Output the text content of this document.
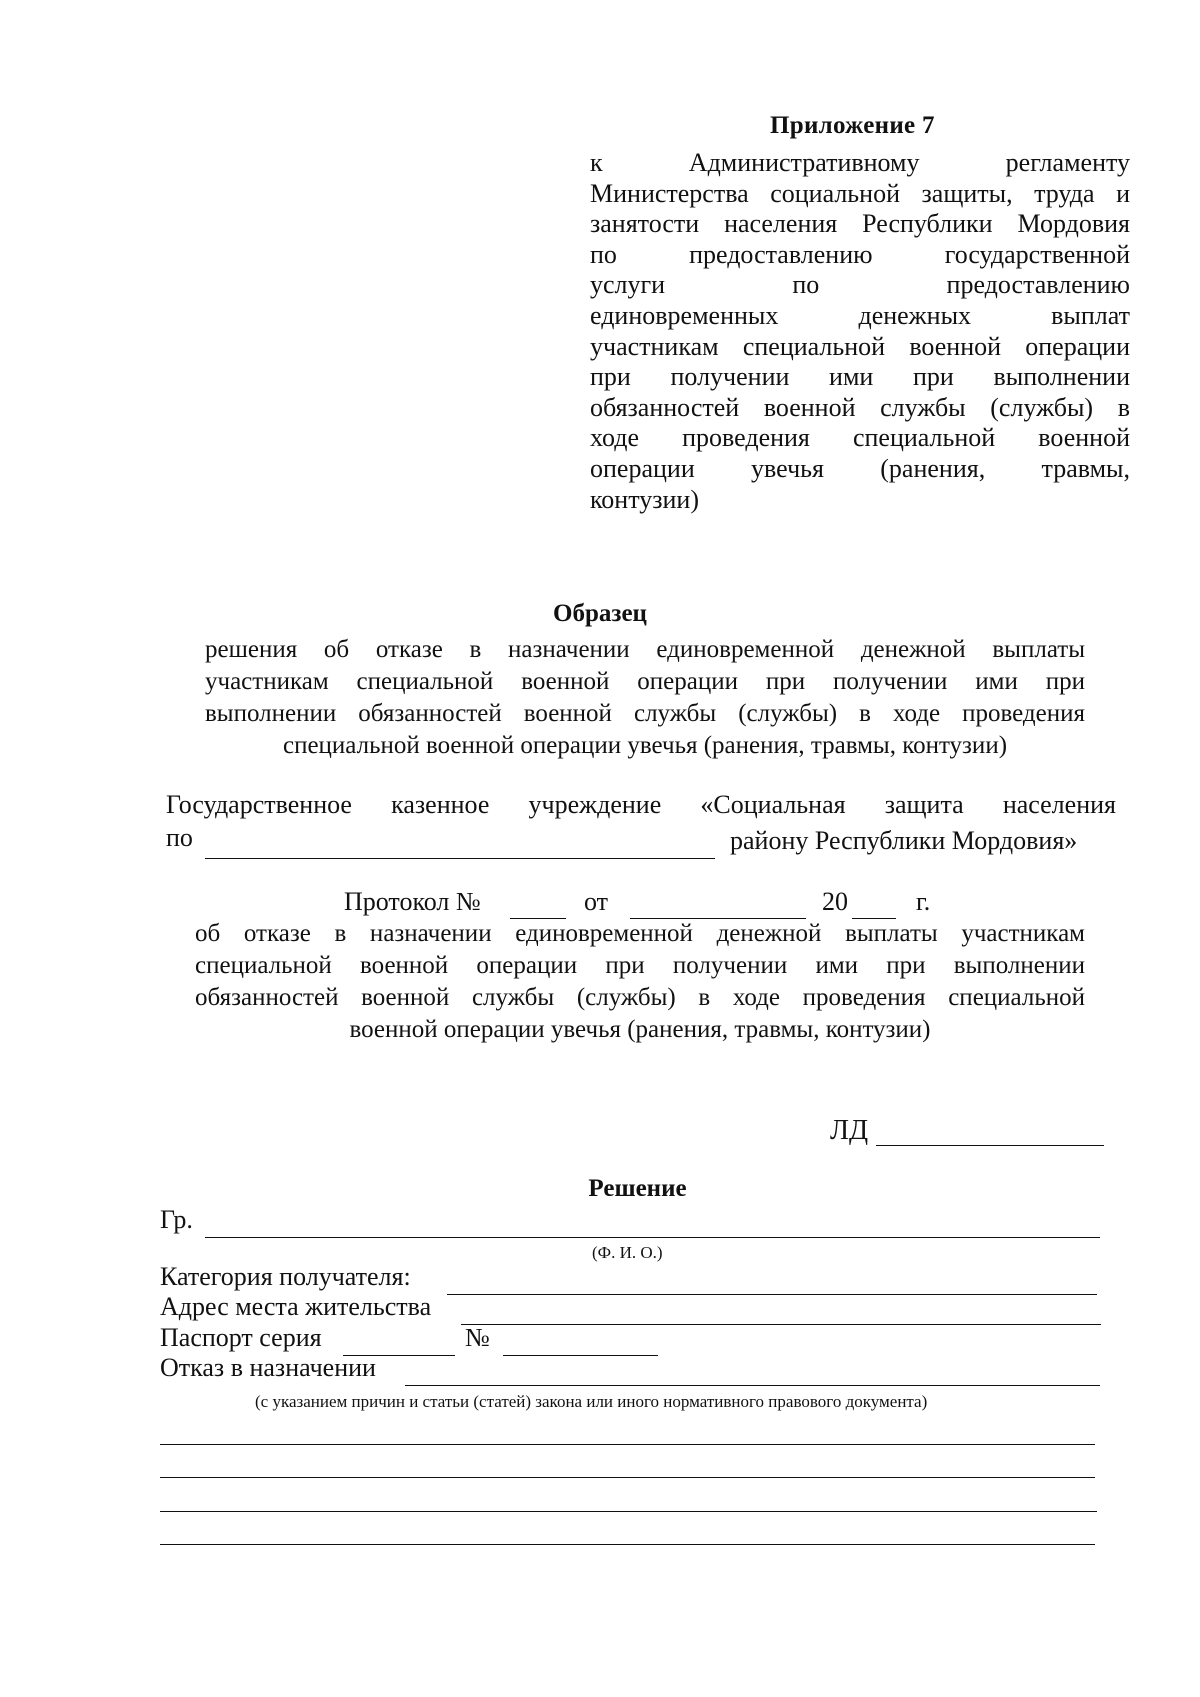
Приложение 7
к Административному регламенту
Министерства социальной защиты, труда и
занятости населения Республики Мордовия
по предоставлению государственной
услуги по предоставлению
единовременных денежных выплат
участникам специальной военной операции
при получении ими при выполнении
обязанностей военной службы (службы) в
ходе проведения специальной военной
операции увечья (ранения, травмы,
контузии)
Образец
решения об отказе в назначении единовременной денежной выплаты
участникам специальной военной операции при получении ими при
выполнении обязанностей военной службы (службы) в ходе проведения
специальной военной операции увечья (ранения, травмы, контузии)
Государственное казенное учреждение «Социальная защита населения
по	району Республики Мордовия»
Протокол №	от	20	г.
об отказе в назначении единовременной денежной выплаты участникам
специальной военной операции при получении ими при выполнении
обязанностей военной службы (службы) в ходе проведения специальной
военной операции увечья (ранения, травмы, контузии)
ЛД
Решение
Гр.
(Ф. И. О.)
Категория получателя:
Адрес места жительства
Паспорт серия	№
Отказ в назначении
(с указанием причин и статьи (статей) закона или иного нормативного правового документа)
